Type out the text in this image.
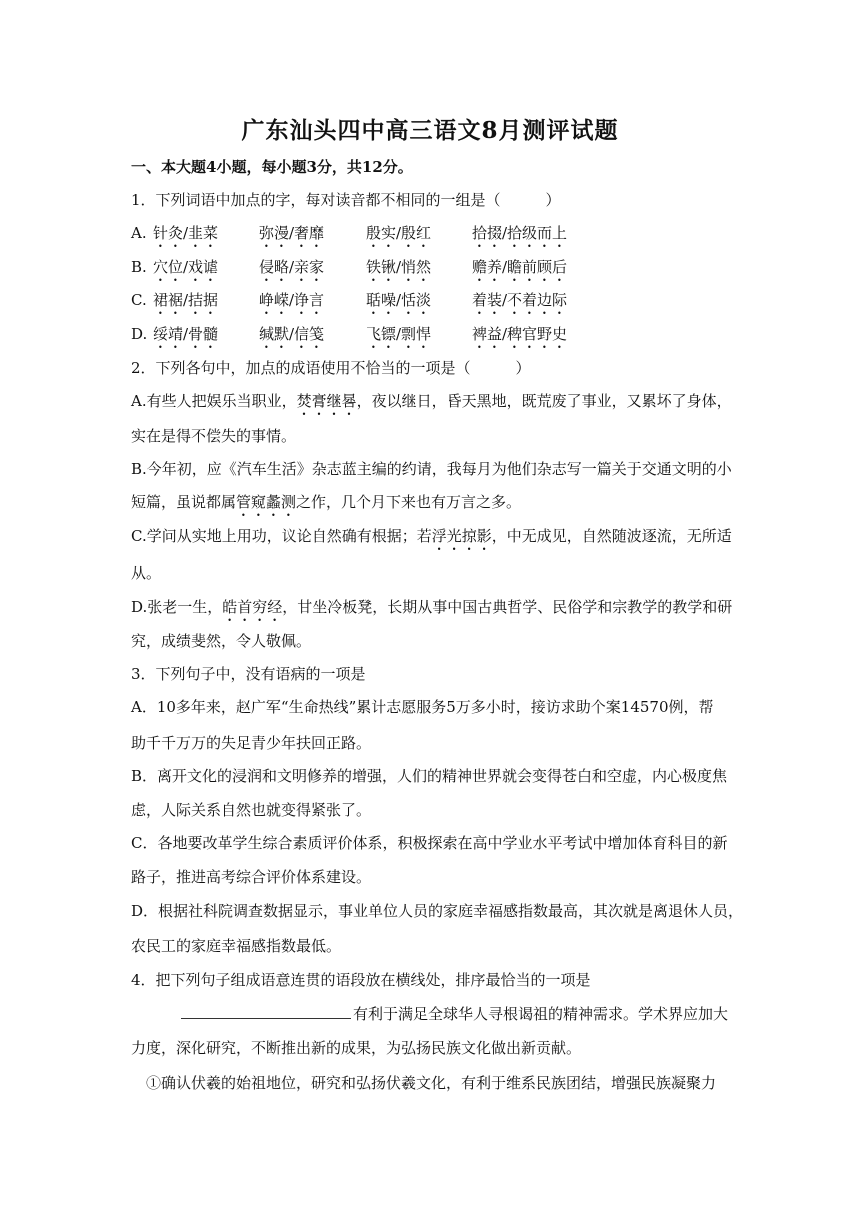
广东汕头四中高三语文8月测评试题
一、本大题4小题，每小题3分，共12分。
1．下列词语中加点的字，每对读音都不相同的一组是（　　　）
A. 针灸/韭菜	弥漫/奢靡	殷实/殷红	拾掇/拾级而上
B. 穴位/戏谑	侵略/亲家	铁锹/悄然	赡养/瞻前顾后
C. 裙裾/拮据	峥嵘/诤言	聒噪/恬淡	着装/不着边际
D. 绥靖/骨髓	缄默/信笺	飞镖/剽悍	裨益/稗官野史
2．下列各句中，加点的成语使用不恰当的一项是（　　　）
A.有些人把娱乐当职业，焚膏继晷，夜以继日，昏天黑地，既荒废了事业，又累坏了身体，
实在是得不偿失的事情。
B.今年初，应《汽车生活》杂志蓝主编的约请，我每月为他们杂志写一篇关于交通文明的小
短篇，虽说都属管窥蠡测之作，几个月下来也有万言之多。
C.学问从实地上用功，议论自然确有根据；若浮光掠影，中无成见，自然随波逐流，无所适
从。
D.张老一生，皓首穷经，甘坐冷板凳，长期从事中国古典哲学、民俗学和宗教学的教学和研
究，成绩斐然，令人敬佩。
3．下列句子中，没有语病的一项是
A．10多年来，赵广军“生命热线”累计志愿服务5万多小时，接访求助个案14570例，帮
助千千万万的失足青少年扶回正路。
B．离开文化的浸润和文明修养的增强，人们的精神世界就会变得苍白和空虚，内心极度焦
虑，人际关系自然也就变得紧张了。
C．各地要改革学生综合素质评价体系，积极探索在高中学业水平考试中增加体育科目的新
路子，推进高考综合评价体系建设。
D．根据社科院调查数据显示，事业单位人员的家庭幸福感指数最高，其次就是离退休人员，
农民工的家庭幸福感指数最低。
4．把下列句子组成语意连贯的语段放在横线处，排序最恰当的一项是
有利于满足全球华人寻根谒祖的精神需求。学术界应加大
力度，深化研究，不断推出新的成果，为弘扬民族文化做出新贡献。
①确认伏羲的始祖地位，研究和弘扬伏羲文化，有利于维系民族团结，增强民族凝聚力
